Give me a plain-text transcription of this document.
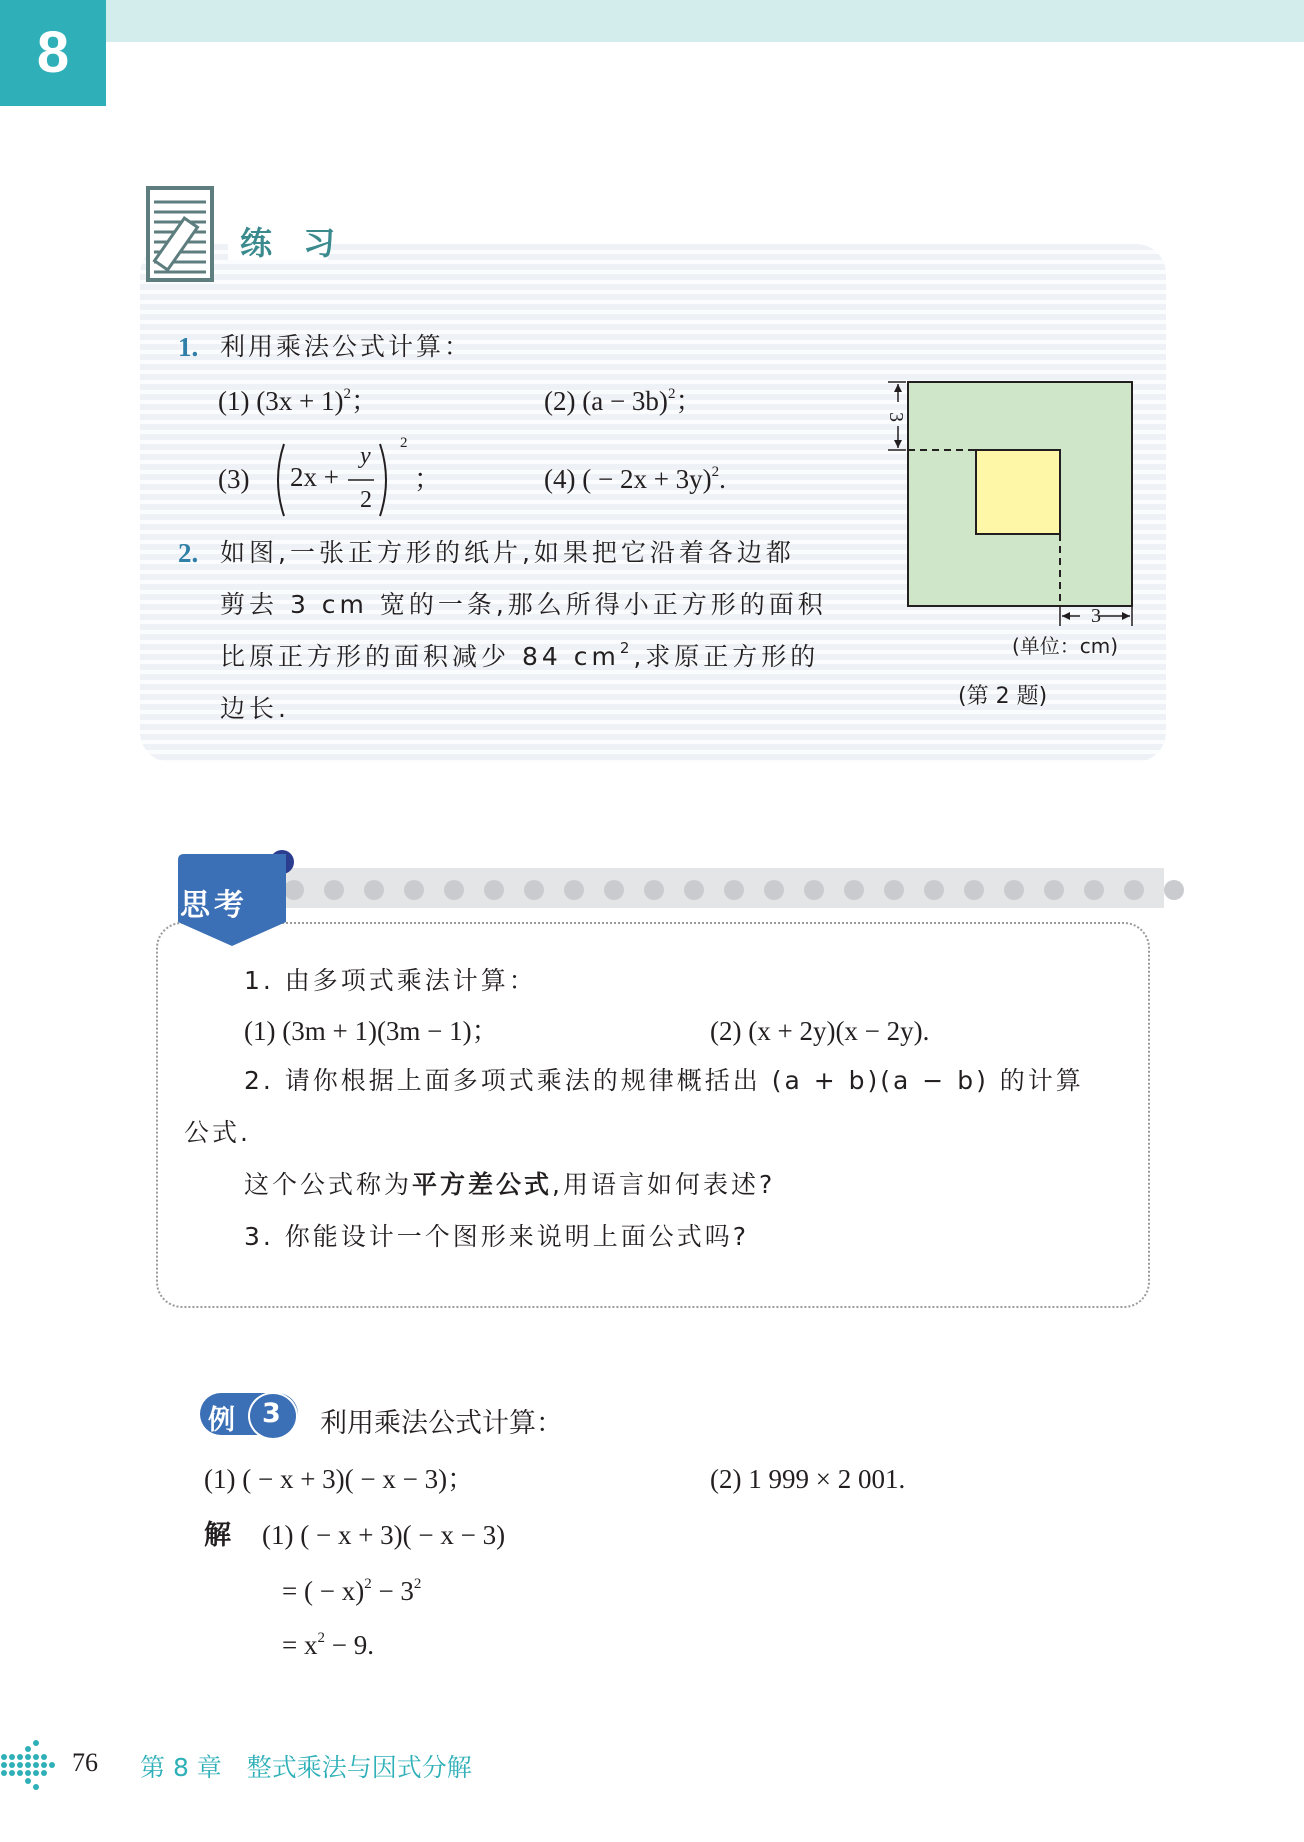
8
练 习
1. 利用乘法公式计算：
(1) $(3x + 1)^2$；	(2) $(a - 3b)^2$；
(3) 2x +
y
2
2
；	(4) ( − 2x + 3y)$^2$.
2. 如图,一张正方形的纸片,如果把它沿着各边都
剪去 3 cm 宽的一条,那么所得小正方形的面积
比原正方形的面积减少 84 $cm^2$,求原正方形的
边长.
3
3
(单位：cm)
(第 2 题)
思考
1. 由多项式乘法计算：
(1) (3m + 1)(3m − 1)；	(2) (x + 2y)(x − 2y).
2. 请你根据上面多项式乘法的规律概括出 (a + b)(a − b) 的计算
公式.
这个公式称为平方差公式,用语言如何表述?
3. 你能设计一个图形来说明上面公式吗?
例 3 利用乘法公式计算：
(1) ( − x + 3)( − x − 3)；	(2) 1 999 × 2 001.
解 (1) ( − x + 3)( − x − 3)
= ( − $x)^2 - 3^2$
= $x^2 - 9$.
76 第 8 章　整式乘法与因式分解
